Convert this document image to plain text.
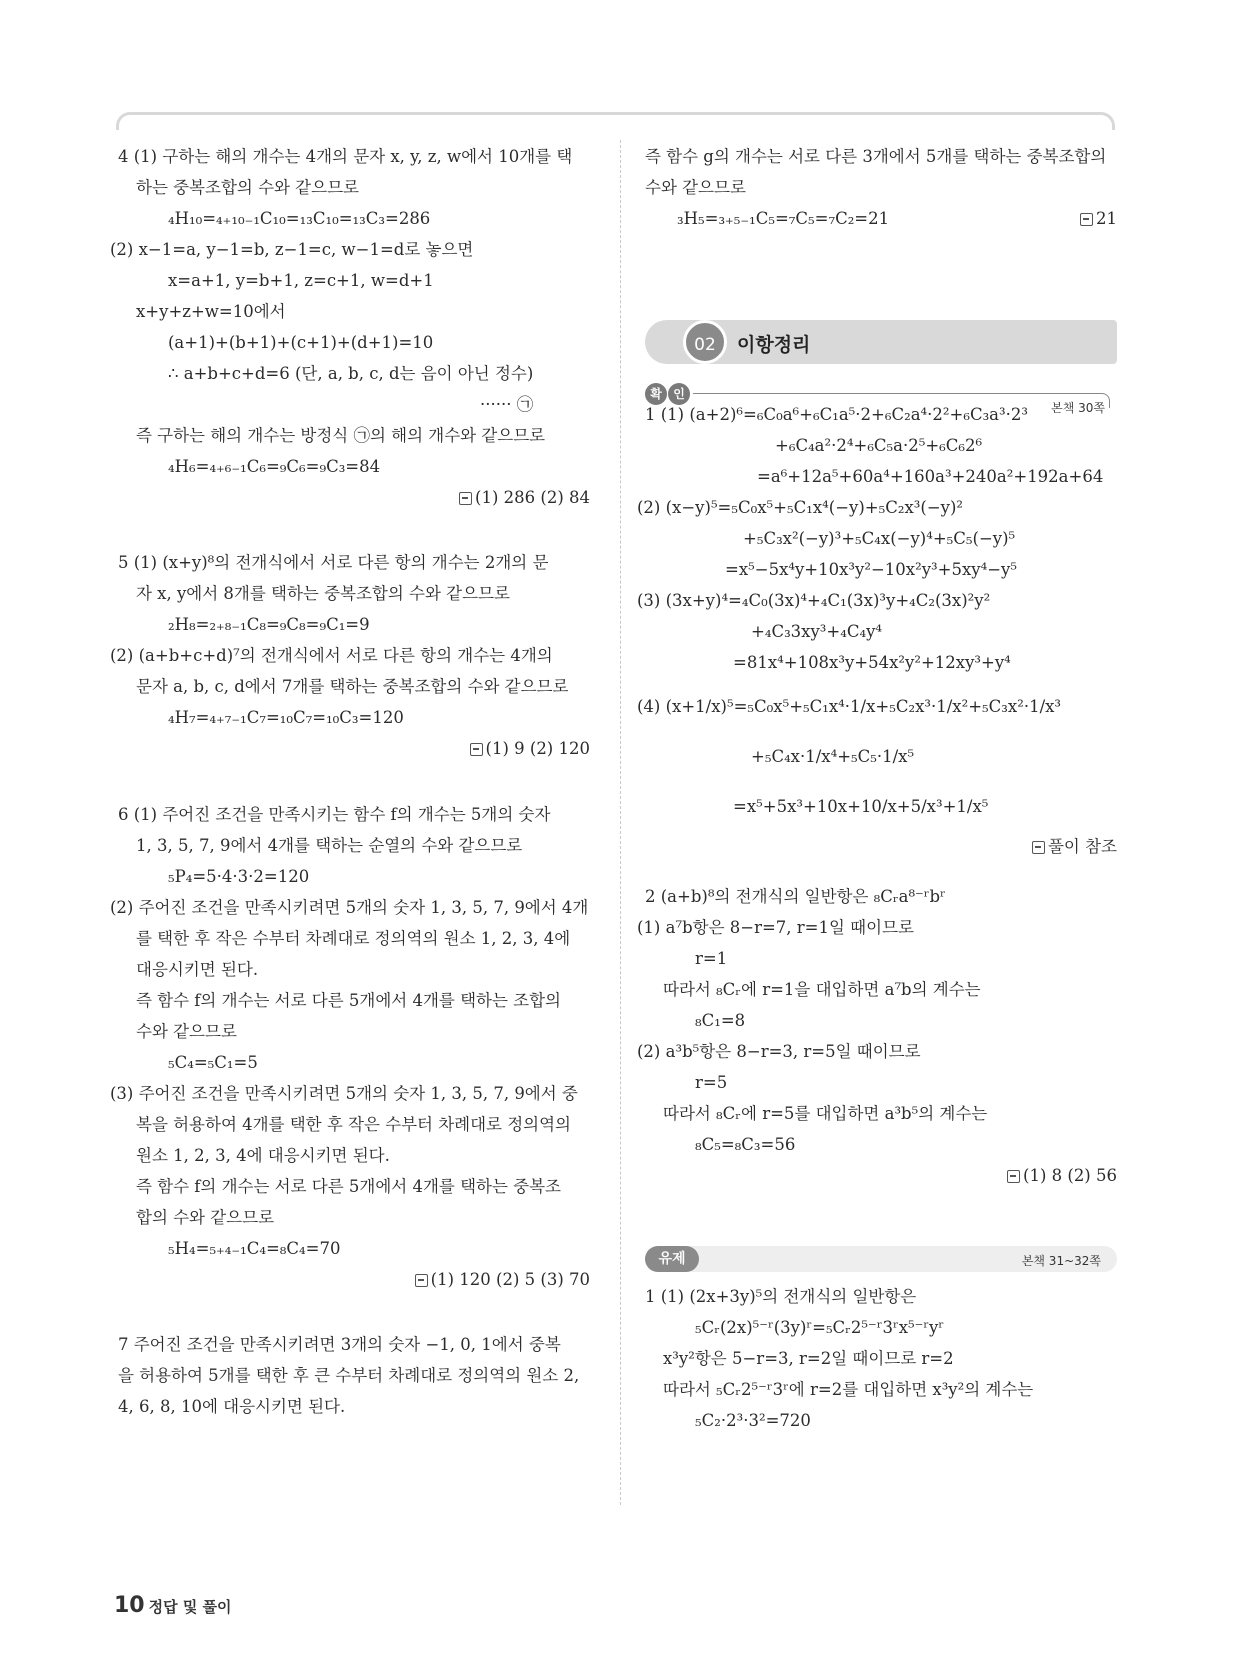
4 (1) 구하는 해의 개수는 4개의 문자 x, y, z, w에서 10개를 택
하는 중복조합의 수와 같으므로
₄H₁₀=₄₊₁₀₋₁C₁₀=₁₃C₁₀=₁₃C₃=286
(2) x−1=a, y−1=b, z−1=c, w−1=d로 놓으면
x=a+1, y=b+1, z=c+1, w=d+1
x+y+z+w=10에서
(a+1)+(b+1)+(c+1)+(d+1)=10
∴ a+b+c+d=6 (단, a, b, c, d는 음이 아닌 정수)
······ ㉠
즉 구하는 해의 개수는 방정식 ㉠의 해의 개수와 같으므로
₄H₆=₄₊₆₋₁C₆=₉C₆=₉C₃=84
5 (1) (x+y)⁸의 전개식에서 서로 다른 항의 개수는 2개의 문
자 x, y에서 8개를 택하는 중복조합의 수와 같으므로
₂H₈=₂₊₈₋₁C₈=₉C₈=₉C₁=9
(2) (a+b+c+d)⁷의 전개식에서 서로 다른 항의 개수는 4개의
문자 a, b, c, d에서 7개를 택하는 중복조합의 수와 같으므로
₄H₇=₄₊₇₋₁C₇=₁₀C₇=₁₀C₃=120
6 (1) 주어진 조건을 만족시키는 함수 f의 개수는 5개의 숫자
1, 3, 5, 7, 9에서 4개를 택하는 순열의 수와 같으므로
₅P₄=5·4·3·2=120
(2) 주어진 조건을 만족시키려면 5개의 숫자 1, 3, 5, 7, 9에서 4개
를 택한 후 작은 수부터 차례대로 정의역의 원소 1, 2, 3, 4에
대응시키면 된다.
즉 함수 f의 개수는 서로 다른 5개에서 4개를 택하는 조합의
수와 같으므로
₅C₄=₅C₁=5
(3) 주어진 조건을 만족시키려면 5개의 숫자 1, 3, 5, 7, 9에서 중
복을 허용하여 4개를 택한 후 작은 수부터 차례대로 정의역의
원소 1, 2, 3, 4에 대응시키면 된다.
즉 함수 f의 개수는 서로 다른 5개에서 4개를 택하는 중복조
합의 수와 같으므로
₅H₄=₅₊₄₋₁C₄=₈C₄=70
7 주어진 조건을 만족시키려면 3개의 숫자 −1, 0, 1에서 중복
을 허용하여 5개를 택한 후 큰 수부터 차례대로 정의역의 원소 2,
4, 6, 8, 10에 대응시키면 된다.
(1) 286 (2) 84
(1) 9 (2) 120
(1) 120 (2) 5 (3) 70
02	이항정리
확 인
본책 30쪽
유제	본책 31~32쪽
즉 함수 g의 개수는 서로 다른 3개에서 5개를 택하는 중복조합의
수와 같으므로
₃H₅=₃₊₅₋₁C₅=₇C₅=₇C₂=21
1 (1) (a+2)⁶=₆C₀a⁶+₆C₁a⁵·2+₆C₂a⁴·2²+₆C₃a³·2³
+₆C₄a²·2⁴+₆C₅a·2⁵+₆C₆2⁶
=a⁶+12a⁵+60a⁴+160a³+240a²+192a+64
(2) (x−y)⁵=₅C₀x⁵+₅C₁x⁴(−y)+₅C₂x³(−y)²
+₅C₃x²(−y)³+₅C₄x(−y)⁴+₅C₅(−y)⁵
=x⁵−5x⁴y+10x³y²−10x²y³+5xy⁴−y⁵
(3) (3x+y)⁴=₄C₀(3x)⁴+₄C₁(3x)³y+₄C₂(3x)²y²
+₄C₃3xy³+₄C₄y⁴
=81x⁴+108x³y+54x²y²+12xy³+y⁴
(4) (x+1/x)⁵=₅C₀x⁵+₅C₁x⁴·1/x+₅C₂x³·1/x²+₅C₃x²·1/x³
+₅C₄x·1/x⁴+₅C₅·1/x⁵
=x⁵+5x³+10x+10/x+5/x³+1/x⁵
2 (a+b)⁸의 전개식의 일반항은 ₈Cᵣa⁸⁻ʳbʳ
(1) a⁷b항은 8−r=7, r=1일 때이므로
r=1
따라서 ₈Cᵣ에 r=1을 대입하면 a⁷b의 계수는
₈C₁=8
(2) a³b⁵항은 8−r=3, r=5일 때이므로
r=5
따라서 ₈Cᵣ에 r=5를 대입하면 a³b⁵의 계수는
₈C₅=₈C₃=56
1 (1) (2x+3y)⁵의 전개식의 일반항은
₅Cᵣ(2x)⁵⁻ʳ(3y)ʳ=₅Cᵣ2⁵⁻ʳ3ʳx⁵⁻ʳyʳ
x³y²항은 5−r=3, r=2일 때이므로 r=2
따라서 ₅Cᵣ2⁵⁻ʳ3ʳ에 r=2를 대입하면 x³y²의 계수는
₅C₂·2³·3²=720
21
풀이 참조
(1) 8 (2) 56
10 정답 및 풀이
